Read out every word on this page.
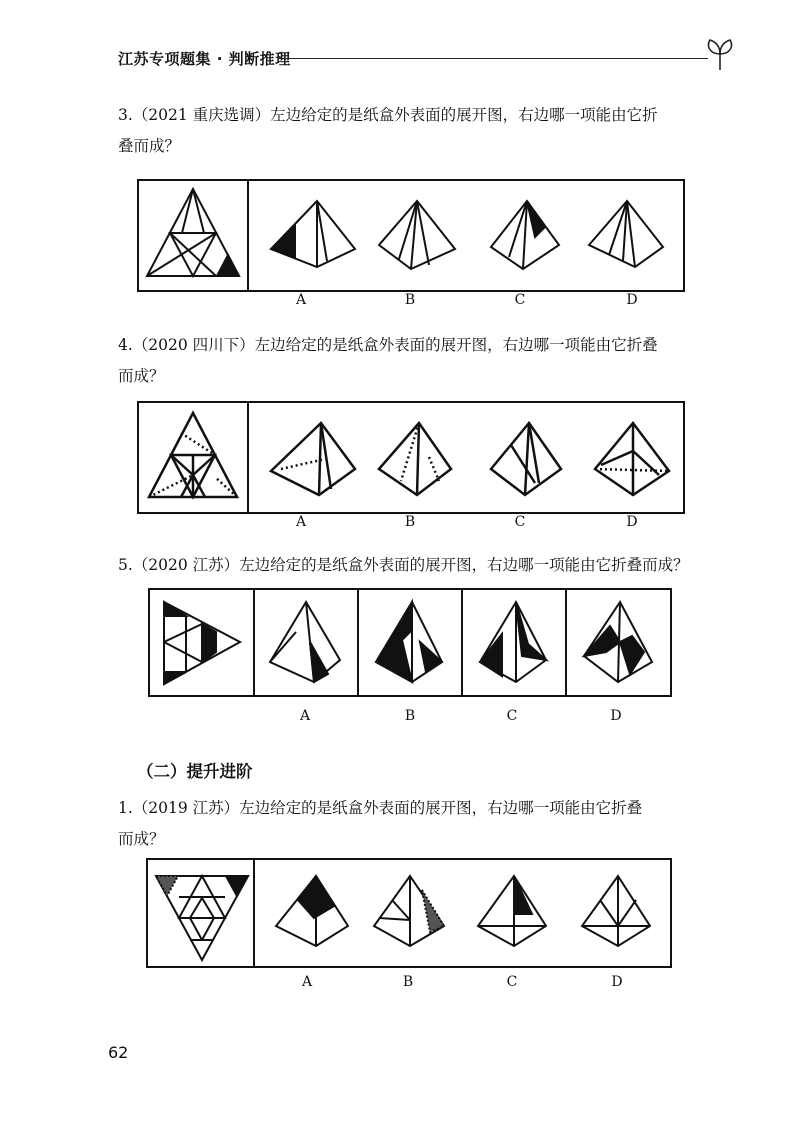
江苏专项题集 · 判断推理
3.（2021 重庆选调）左边给定的是纸盒外表面的展开图，右边哪一项能由它折
叠而成？
A	B	C	D
4.（2020 四川下）左边给定的是纸盒外表面的展开图，右边哪一项能由它折叠
而成？
A	B	C	D
5.（2020 江苏）左边给定的是纸盒外表面的展开图，右边哪一项能由它折叠而成？
A	B	C	D
（二）提升进阶
1.（2019 江苏）左边给定的是纸盒外表面的展开图，右边哪一项能由它折叠
而成？
A	B	C	D
62
